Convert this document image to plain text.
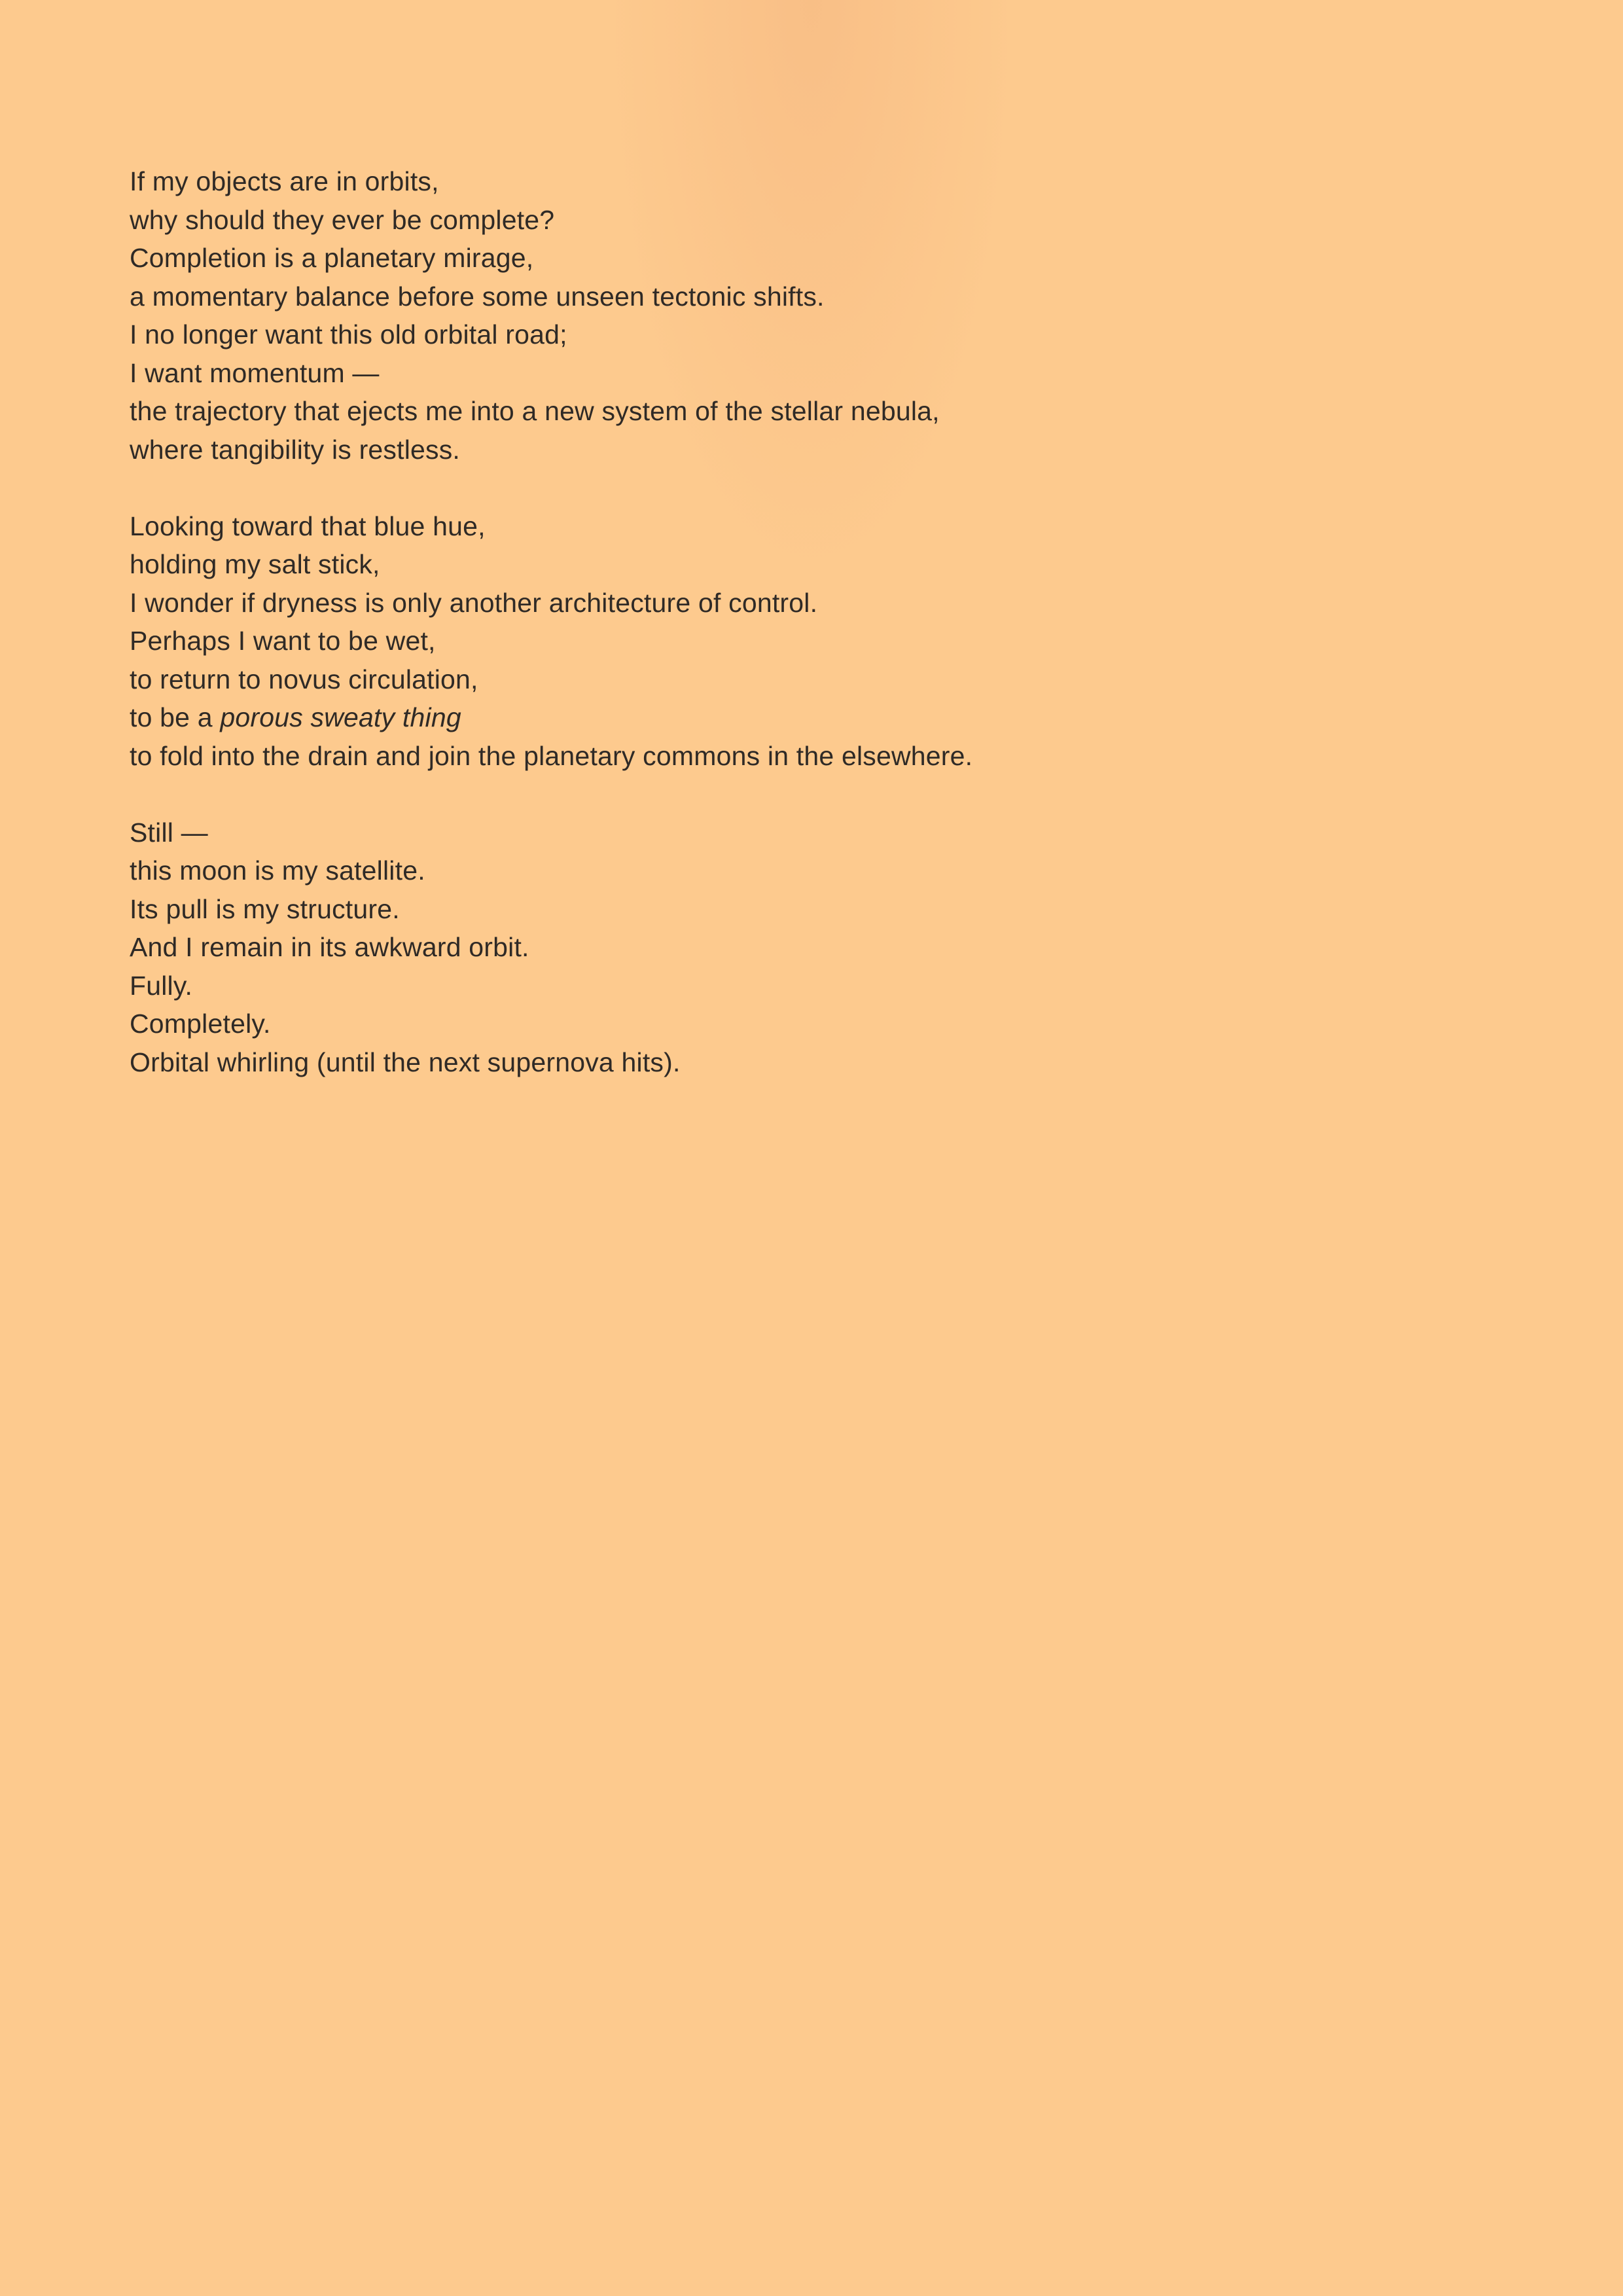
If my objects are in orbits,
why should they ever be complete?
Completion is a planetary mirage,
a momentary balance before some unseen tectonic shifts.
I no longer want this old orbital road;
I want momentum —
the trajectory that ejects me into a new system of the stellar nebula,
where tangibility is restless.
Looking toward that blue hue,
holding my salt stick,
I wonder if dryness is only another architecture of control.
Perhaps I want to be wet,
to return to novus circulation,
to be a porous sweaty thing
to fold into the drain and join the planetary commons in the elsewhere.
Still —
this moon is my satellite.
Its pull is my structure.
And I remain in its awkward orbit.
Fully.
Completely.
Orbital whirling (until the next supernova hits).
